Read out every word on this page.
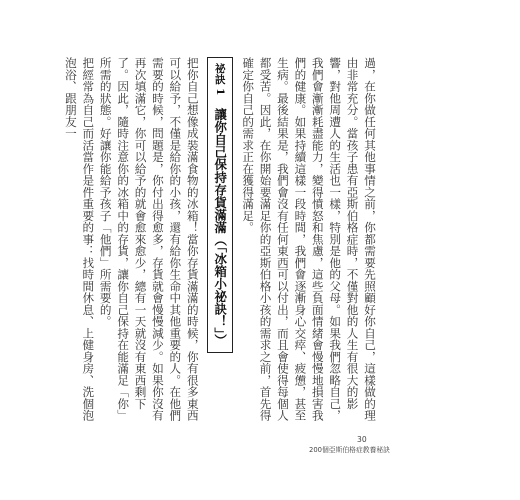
過，在你做任何其他事情之前，你都需要先照顧好你自己，這樣做的理由非常充分。當孩子患有亞斯伯格症時，不僅對他的人生有很大的影響，對他周遭人的生活也一樣，特別是他的父母。如果我們忽略自己，我們會漸漸耗盡能力，變得憤怒和焦慮，這些負面情緒會慢慢地損害我們的健康。如果持續這樣一段時間，我們會逐漸身心交瘁、疲憊，甚至生病。最後結果是，我們會沒有任何東西可以付出，而且會使得每個人都受苦。因此，在你開始要滿足你的亞斯伯格小孩的需求之前，首先得確定你自己的需求正在獲得滿足。

祕訣 1　讓你自己保持存貨滿滿（「冰箱小祕訣！」）

把你自己想像成裝滿食物的冰箱！當你存貨滿滿的時候，你有很多東西可以給予，不僅是給你的小孩，還有給你生命中其他重要的人。在他們需要的時候，問題是，你付出得愈多，存貨就會慢慢減少。如果你沒有再次填滿它，你可以給予的就會愈來愈少，總有一天就沒有東西剩下了。因此，隨時注意你的冰箱中的存貨，讓你自己保持在能滿足「你」所需的狀態。好讓你能給予孩子「他們」所需要的。

把經常為自己而活當作是件重要的事：找時間休息、上健身房、洗個泡泡浴、跟朋友一

30
200個亞斯伯格症教養秘訣
